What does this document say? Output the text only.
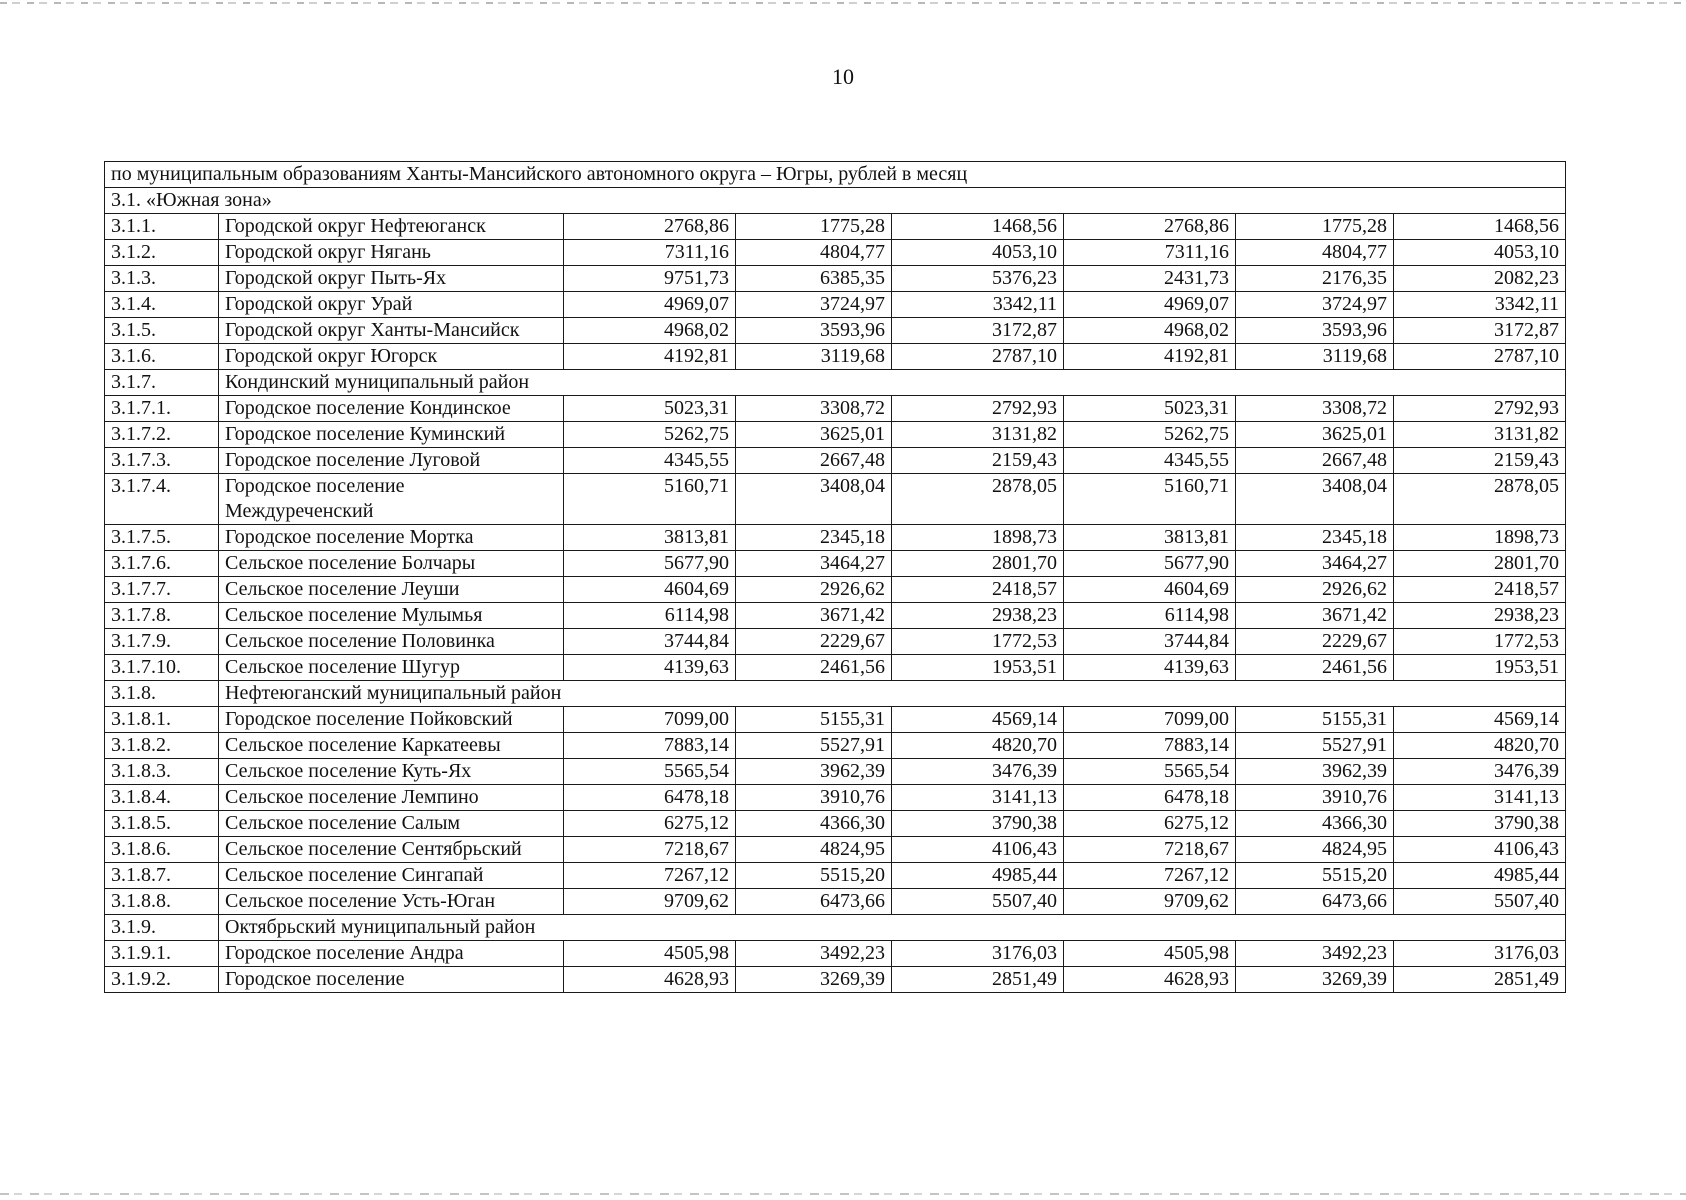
10
по муниципальным образованиям Ханты-Мансийского автономного округа – Югры, рублей в месяц							
3.1. «Южная зона»							
3.1.1.	Городской округ Нефтеюганск	2768,86	1775,28	1468,56	2768,86	1775,28	1468,56
3.1.2.	Городской округ Нягань	7311,16	4804,77	4053,10	7311,16	4804,77	4053,10
3.1.3.	Городской округ Пыть-Ях	9751,73	6385,35	5376,23	2431,73	2176,35	2082,23
3.1.4.	Городской округ Урай	4969,07	3724,97	3342,11	4969,07	3724,97	3342,11
3.1.5.	Городской округ Ханты-Мансийск	4968,02	3593,96	3172,87	4968,02	3593,96	3172,87
3.1.6.	Городской округ Югорск	4192,81	3119,68	2787,10	4192,81	3119,68	2787,10
3.1.7.	Кондинский муниципальный район						
3.1.7.1.	Городское поселение Кондинское	5023,31	3308,72	2792,93	5023,31	3308,72	2792,93
3.1.7.2.	Городское поселение Куминский	5262,75	3625,01	3131,82	5262,75	3625,01	3131,82
3.1.7.3.	Городское поселение Луговой	4345,55	2667,48	2159,43	4345,55	2667,48	2159,43
3.1.7.4.	Городское поселение Междуреченский	5160,71	3408,04	2878,05	5160,71	3408,04	2878,05
3.1.7.5.	Городское поселение Мортка	3813,81	2345,18	1898,73	3813,81	2345,18	1898,73
3.1.7.6.	Сельское поселение Болчары	5677,90	3464,27	2801,70	5677,90	3464,27	2801,70
3.1.7.7.	Сельское поселение Леуши	4604,69	2926,62	2418,57	4604,69	2926,62	2418,57
3.1.7.8.	Сельское поселение Мулымья	6114,98	3671,42	2938,23	6114,98	3671,42	2938,23
3.1.7.9.	Сельское поселение Половинка	3744,84	2229,67	1772,53	3744,84	2229,67	1772,53
3.1.7.10.	Сельское поселение Шугур	4139,63	2461,56	1953,51	4139,63	2461,56	1953,51
3.1.8.	Нефтеюганский муниципальный район						
3.1.8.1.	Городское поселение Пойковский	7099,00	5155,31	4569,14	7099,00	5155,31	4569,14
3.1.8.2.	Сельское поселение Каркатеевы	7883,14	5527,91	4820,70	7883,14	5527,91	4820,70
3.1.8.3.	Сельское поселение Куть-Ях	5565,54	3962,39	3476,39	5565,54	3962,39	3476,39
3.1.8.4.	Сельское поселение Лемпино	6478,18	3910,76	3141,13	6478,18	3910,76	3141,13
3.1.8.5.	Сельское поселение Салым	6275,12	4366,30	3790,38	6275,12	4366,30	3790,38
3.1.8.6.	Сельское поселение Сентябрьский	7218,67	4824,95	4106,43	7218,67	4824,95	4106,43
3.1.8.7.	Сельское поселение Сингапай	7267,12	5515,20	4985,44	7267,12	5515,20	4985,44
3.1.8.8.	Сельское поселение Усть-Юган	9709,62	6473,66	5507,40	9709,62	6473,66	5507,40
3.1.9.	Октябрьский муниципальный район						
3.1.9.1.	Городское поселение Андра	4505,98	3492,23	3176,03	4505,98	3492,23	3176,03
3.1.9.2.	Городское поселение	4628,93	3269,39	2851,49	4628,93	3269,39	2851,49
